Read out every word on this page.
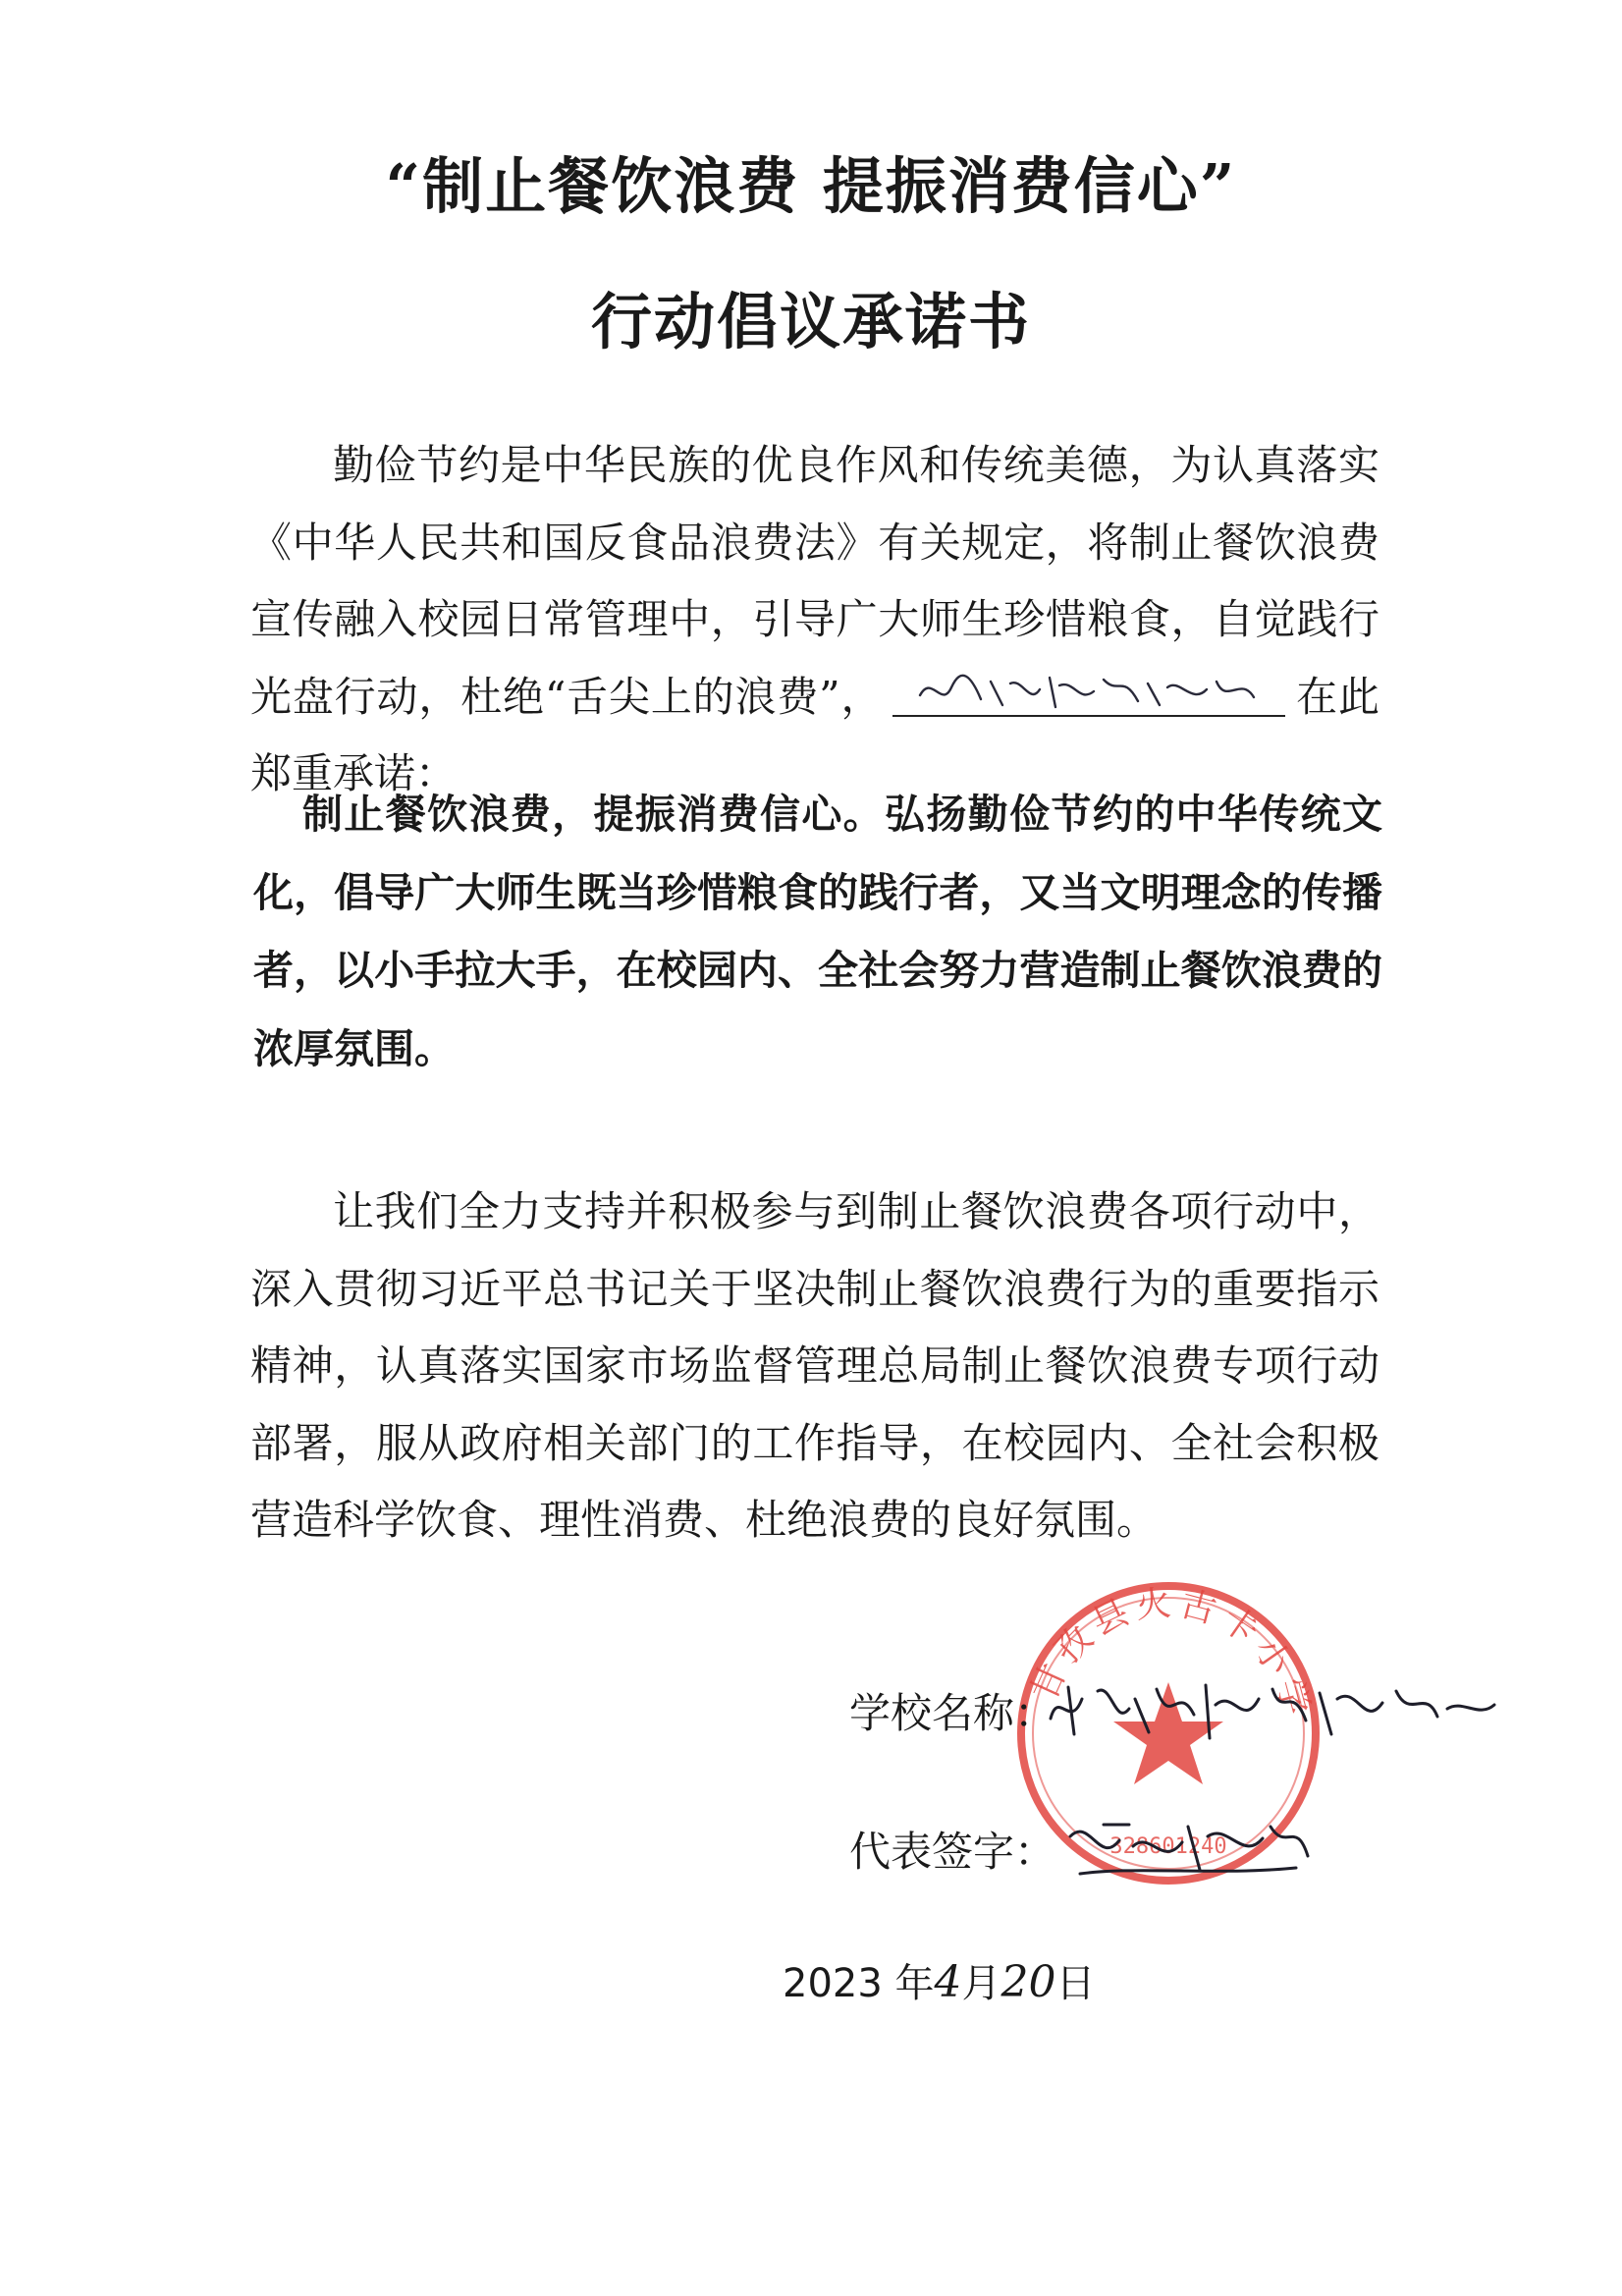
“制止餐饮浪费 提振消费信心”
行动倡议承诺书

勤俭节约是中华民族的优良作风和传统美德，为认真落实《中华人民共和国反食品浪费法》有关规定，将制止餐饮浪费宣传融入校园日常管理中，引导广大师生珍惜粮食，自觉践行光盘行动，杜绝“舌尖上的浪费”，	在此郑重承诺：

制止餐饮浪费，提振消费信心。弘扬勤俭节约的中华传统文化，倡导广大师生既当珍惜粮食的践行者，又当文明理念的传播者，以小手拉大手，在校园内、全社会努力营造制止餐饮浪费的浓厚氛围。

让我们全力支持并积极参与到制止餐饮浪费各项行动中，深入贯彻习近平总书记关于坚决制止餐饮浪费行为的重要指示精神，认真落实国家市场监督管理总局制止餐饮浪费专项行动部署，服从政府相关部门的工作指导，在校园内、全社会积极营造科学饮食、理性消费、杜绝浪费的良好氛围。

甘孜县火古卡小学
328601240
学校名称：
代表签字：
2023 年4月20日
